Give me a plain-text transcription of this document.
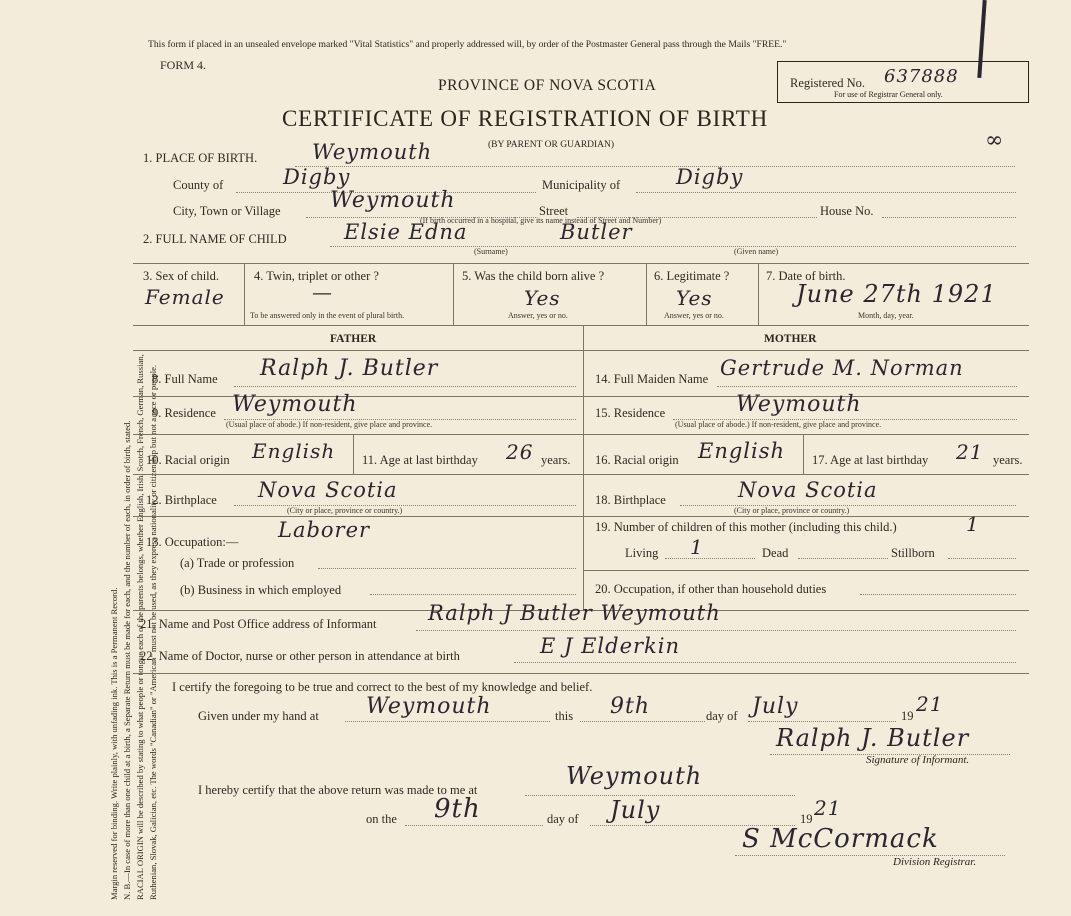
Margin reserved for binding. Write plainly, with unfading ink. This is a Permanent Record. N. B.—In case of more than one child at a birth, a Separate Return must be made for each, and the number of each, in order of birth, stated. RACIAL ORIGIN will be described by stating to what people or tongue each of the parents belongs, whether English, Irish, Scotch, French, German, Russian, Ruthenian, Slovak, Galician, etc. The words "Canadian" or "American" must not be used, as they express nationality or citizenship but not a race or people.
This form if placed in an unsealed envelope marked "Vital Statistics" and properly addressed will, by order of the Postmaster General pass through the Mails "FREE."
FORM 4.
PROVINCE OF NOVA SCOTIA
CERTIFICATE OF REGISTRATION OF BIRTH
(BY PARENT OR GUARDIAN)
Registered No. 637888
For use of Registrar General only.
∞
1. PLACE OF BIRTH.	Weymouth
County of	Digby	Municipality of	Digby
City, Town or Village Weymouth	Street	House No.
(If birth occurred in a hospital, give its name instead of Street and Number)
2. FULL NAME OF CHILD	Elsie Edna	Butler
(Surname)	(Given name)
3. Sex of child.
Female
4. Twin, triplet or other ?
—
To be answered only in the event of plural birth.
5. Was the child born alive ?
Yes
Answer, yes or no.
6. Legitimate ?
Yes
Answer, yes or no.
7. Date of birth.
June 27th 1921
Month, day, year.
FATHER	MOTHER
8. Full Name Ralph J. Butler	14. Full Maiden Name Gertrude M. Norman
9. Residence Weymouth
(Usual place of abode.) If non-resident, give place and province.
15. Residence	Weymouth
(Usual place of abode.) If non-resident, give place and province.
10. Racial origin English 11. Age at last birthday 26 years. 16. Racial origin English 17. Age at last birthday 21 years.
12. Birthplace Nova Scotia
(City or place, province or country.)
18. Birthplace	Nova Scotia
(City or place, province or country.)
13. Occupation:— Laborer
(a) Trade or profession
(b) Business in which employed
19. Number of children of this mother (including this child.)	1
Living 1	Dead	Stillborn
20. Occupation, if other than household duties
21. Name and Post Office address of Informant Ralph J Butler Weymouth
22. Name of Doctor, nurse or other person in attendance at birth	E J Elderkin
I certify the foregoing to be true and correct to the best of my knowledge and belief.
Given under my hand at Weymouth	this 9th	day of July	19 21
Ralph J. Butler
Signature of Informant.
I hereby certify that the above return was made to me at	Weymouth
on the 9th	day of July	19 21
S McCormack
Division Registrar.
